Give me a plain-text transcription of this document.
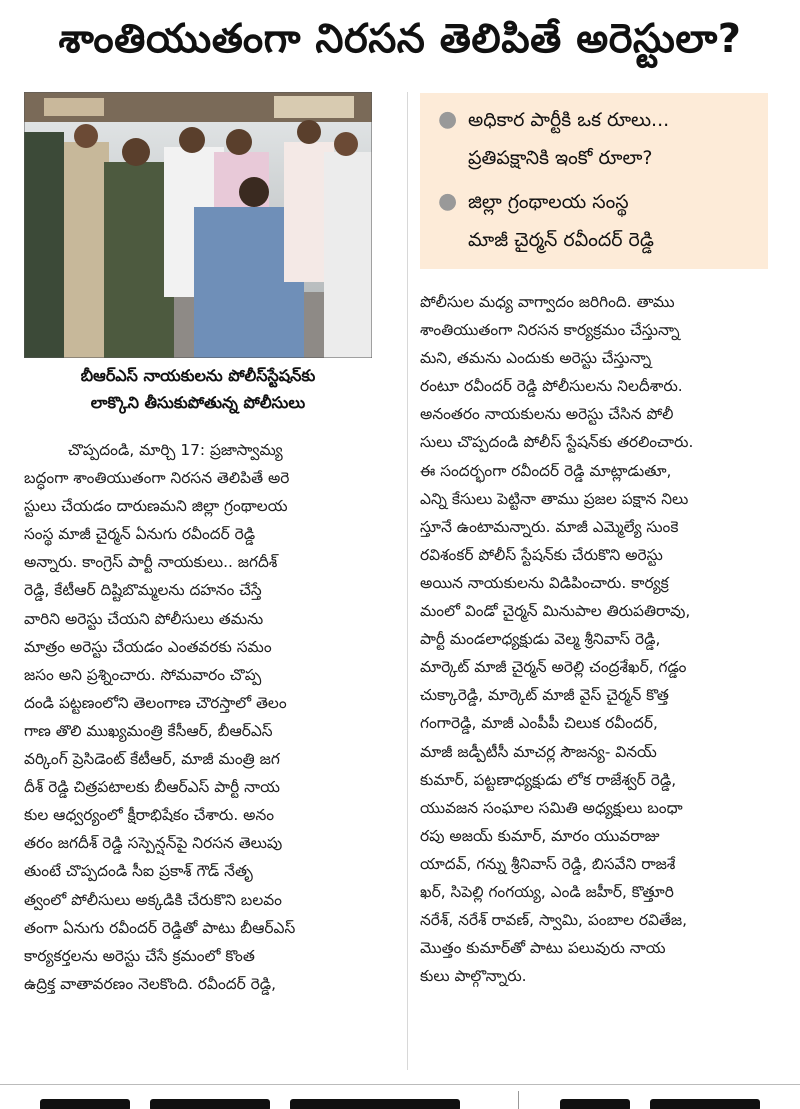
శాంతియుతంగా నిరసన తెలిపితే అరెస్టులా?
బీఆర్ఎస్ నాయకులను పోలీస్‌స్టేషన్‌కు
లాక్కొని తీసుకుపోతున్న పోలీసులు
● అధికార పార్టీకి ఒక రూలు...
ప్రతిపక్షానికి ఇంకో రూలా?
● జిల్లా గ్రంథాలయ సంస్థ
మాజీ చైర్మన్ రవీందర్ రెడ్డి
చొప్పదండి, మార్చి 17: ప్రజాస్వామ్య
బద్ధంగా శాంతియుతంగా నిరసన తెలిపితే అరె
స్టులు చేయడం దారుణమని జిల్లా గ్రంథాలయ
సంస్థ మాజీ చైర్మన్ ఏనుగు రవీందర్ రెడ్డి
అన్నారు. కాంగ్రెస్ పార్టీ నాయకులు.. జగదీశ్
రెడ్డి, కేటీఆర్ దిష్టిబొమ్మలను దహనం చేస్తే
వారిని అరెస్టు చేయని పోలీసులు తమను
మాత్రం అరెస్టు చేయడం ఎంతవరకు సమం
జసం అని ప్రశ్నించారు. సోమవారం చొప్ప
దండి పట్టణంలోని తెలంగాణ చౌరస్తాలో తెలం
గాణ తొలి ముఖ్యమంత్రి కేసీఆర్, బీఆర్ఎస్
వర్కింగ్ ప్రెసిడెంట్ కేటీఆర్, మాజీ మంత్రి జగ
దీశ్ రెడ్డి చిత్రపటాలకు బీఆర్ఎస్ పార్టీ నాయ
కుల ఆధ్వర్యంలో క్షీరాభిషేకం చేశారు. అనం
తరం జగదీశ్ రెడ్డి సస్పెన్షన్‌పై నిరసన తెలుపు
తుంటే చొప్పదండి సీఐ ప్రకాశ్ గౌడ్ నేతృ
త్వంలో పోలీసులు అక్కడికి చేరుకొని బలవం
తంగా ఏనుగు రవీందర్ రెడ్డితో పాటు బీఆర్ఎస్
కార్యకర్తలను అరెస్టు చేసే క్రమంలో కొంత
ఉద్రిక్త వాతావరణం నెలకొంది. రవీందర్ రెడ్డి,
పోలీసుల మధ్య వాగ్వాదం జరిగింది. తాము
శాంతియుతంగా నిరసన కార్యక్రమం చేస్తున్నా
మని, తమను ఎందుకు అరెస్టు చేస్తున్నా
రంటూ రవీందర్ రెడ్డి పోలీసులను నిలదీశారు.
అనంతరం నాయకులను అరెస్టు చేసిన పోలీ
సులు చొప్పదండి పోలీస్ స్టేషన్‌కు తరలించారు.
ఈ సందర్భంగా రవీందర్ రెడ్డి మాట్లాడుతూ,
ఎన్ని కేసులు పెట్టినా తాము ప్రజల పక్షాన నిలు
స్తూనే ఉంటామన్నారు. మాజీ ఎమ్మెల్యే సుంకె
రవిశంకర్ పోలీస్ స్టేషన్‌కు చేరుకొని అరెస్టు
అయిన నాయకులను విడిపించారు. కార్యక్ర
మంలో విండో చైర్మన్ మినుపాల తిరుపతిరావు,
పార్టీ మండలాధ్యక్షుడు వెల్మ శ్రీనివాస్ రెడ్డి,
మార్కెట్ మాజీ చైర్మన్ అరెల్లి చంద్రశేఖర్, గడ్డం
చుక్కారెడ్డి, మార్కెట్ మాజీ వైస్ చైర్మన్ కొత్త
గంగారెడ్డి, మాజీ ఎంపీపీ చిలుక రవీందర్,
మాజీ జడ్పీటీసీ మాచర్ల సౌజన్య- వినయ్
కుమార్, పట్టణాధ్యక్షుడు లోక రాజేశ్వర్ రెడ్డి,
యువజన సంఘాల సమితి అధ్యక్షులు బంధా
రపు అజయ్ కుమార్, మారం యువరాజు
యాదవ్, గన్ను శ్రీనివాస్ రెడ్డి, బిసవేని రాజశే
ఖర్, సిపెల్లి గంగయ్య, ఎండి జహీర్, కొత్తూరి
నరేశ్, నరేశ్ రావణ్, స్వామి, పంబాల రవితేజ,
మొత్తం కుమార్‌తో పాటు పలువురు నాయ
కులు పాల్గొన్నారు.
